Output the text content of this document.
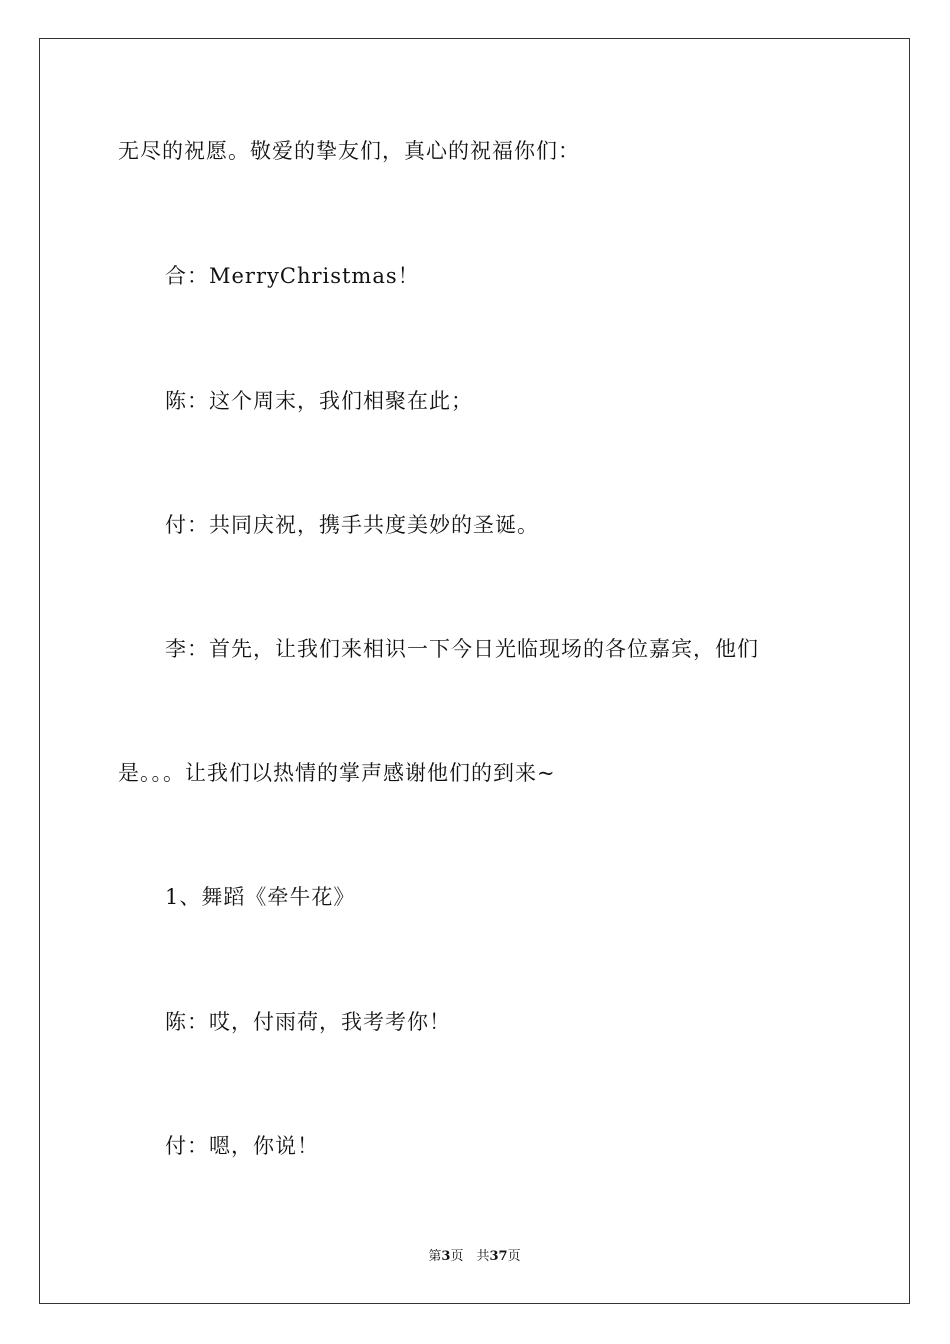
无尽的祝愿。敬爱的挚友们，真心的祝福你们：
合：MerryChristmas！
陈：这个周末，我们相聚在此；
付：共同庆祝，携手共度美妙的圣诞。
李：首先，让我们来相识一下今日光临现场的各位嘉宾，他们
是。。。让我们以热情的掌声感谢他们的到来~
1、舞蹈《牵牛花》
陈：哎，付雨荷，我考考你！
付：嗯，你说！
第3页　共37页
